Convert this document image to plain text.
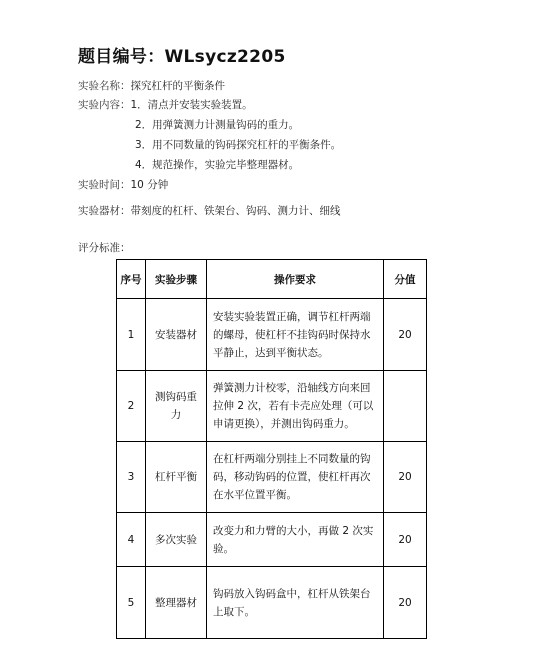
题目编号：WLsycz2205
实验名称：探究杠杆的平衡条件
实验内容：1．清点并安装实验装置。
2．用弹簧测力计测量钩码的重力。
3．用不同数量的钩码探究杠杆的平衡条件。
4．规范操作，实验完毕整理器材。
实验时间：10 分钟
实验器材：带刻度的杠杆、铁架台、钩码、测力计、细线
评分标准：
序号	实验步骤	操作要求	分值
1	安装器材	安装实验装置正确，调节杠杆两端的螺母，使杠杆不挂钩码时保持水平静止，达到平衡状态。	20
2	测钩码重力	弹簧测力计校零，沿轴线方向来回拉伸 2 次，若有卡壳应处理（可以申请更换），并测出钩码重力。	
3	杠杆平衡	在杠杆两端分别挂上不同数量的钩码，移动钩码的位置，使杠杆再次在水平位置平衡。	20
4	多次实验	改变力和力臂的大小，再做 2 次实验。	20
5	整理器材	钩码放入钩码盒中，杠杆从铁架台上取下。	20
